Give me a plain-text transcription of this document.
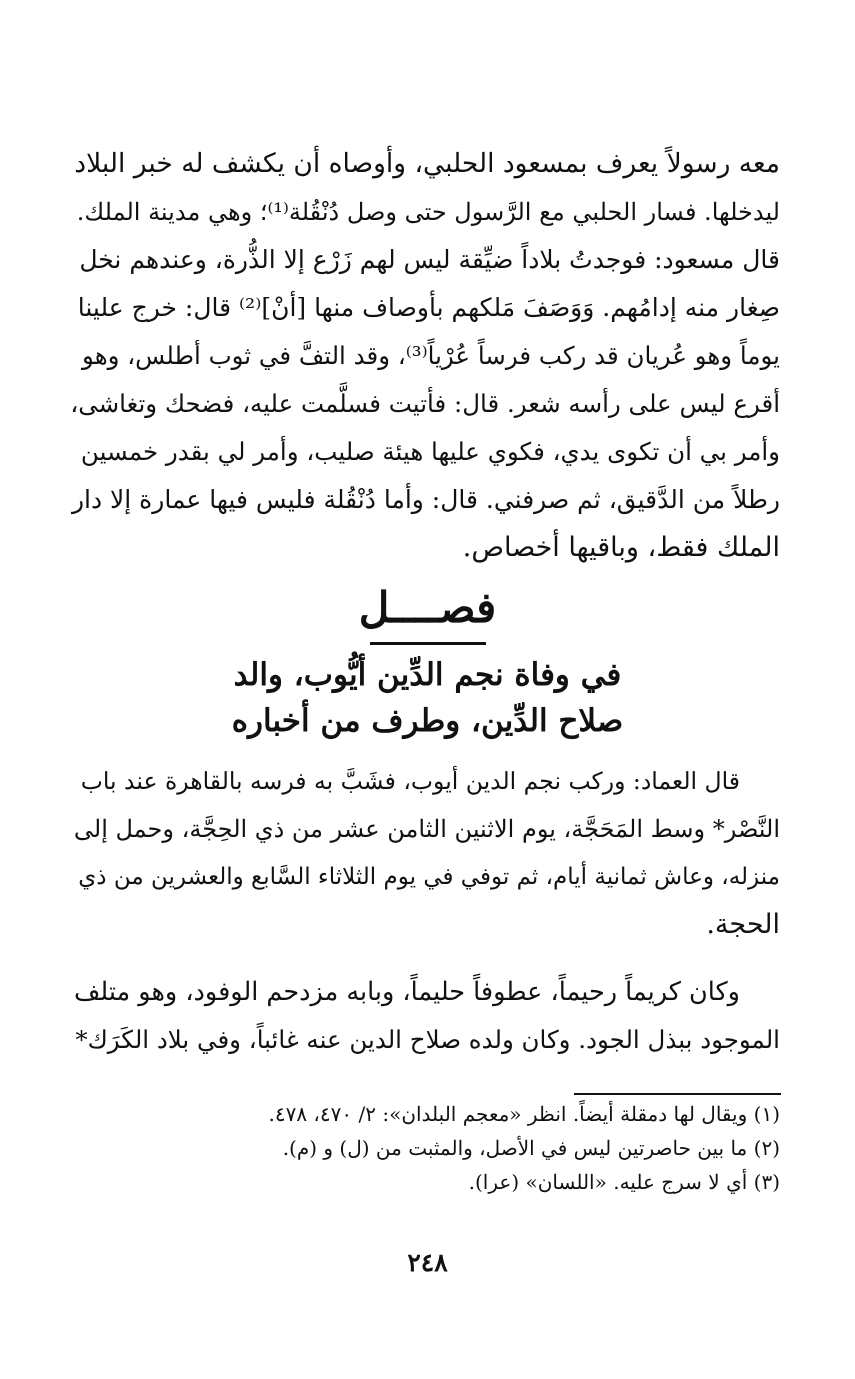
معه رسولاً يعرف بمسعود الحلبي، وأوصاه أن يكشف له خبر البلاد
ليدخلها. فسار الحلبي مع الرَّسول حتى وصل دُنْقُلة⁽¹⁾؛ وهي مدينة الملك.
قال مسعود: فوجدتُ بلاداً ضيِّقة ليس لهم زَرْع إلا الذُّرة، وعندهم نخل
صِغار منه إدامُهم. وَوَصَفَ مَلكهم بأوصاف منها [أنْ]⁽²⁾ قال: خرج علينا
يوماً وهو عُريان قد ركب فرساً عُرْياً⁽³⁾، وقد التفَّ في ثوب أطلس، وهو
أقرع ليس على رأسه شعر. قال: فأتيت فسلَّمت عليه، فضحك وتغاشى،
وأمر بي أن تكوى يدي، فكوي عليها هيئة صليب، وأمر لي بقدر خمسين
رطلاً من الدَّقيق، ثم صرفني. قال: وأما دُنْقُلة فليس فيها عمارة إلا دار
الملك فقط، وباقيها أخصاص.
فصــــل
في وفاة نجم الدِّين أيُّوب، والد
صلاح الدِّين، وطرف من أخباره
قال العماد: وركب نجم الدين أيوب، فشَبَّ به فرسه بالقاهرة عند باب
النَّصْر* وسط المَحَجَّة، يوم الاثنين الثامن عشر من ذي الحِجَّة، وحمل إلى
منزله، وعاش ثمانية أيام، ثم توفي في يوم الثلاثاء السَّابع والعشرين من ذي
الحجة.
وكان كريماً رحيماً، عطوفاً حليماً، وبابه مزدحم الوفود، وهو متلف
الموجود ببذل الجود. وكان ولده صلاح الدين عنه غائباً، وفي بلاد الكَرَك*
(١) ويقال لها دمقلة أيضاً. انظر «معجم البلدان»: ٢/ ٤٧٠، ٤٧٨.
(٢) ما بين حاصرتين ليس في الأصل، والمثبت من (ل) و (م).
(٣) أي لا سرج عليه. «اللسان» (عرا).
٢٤٨
